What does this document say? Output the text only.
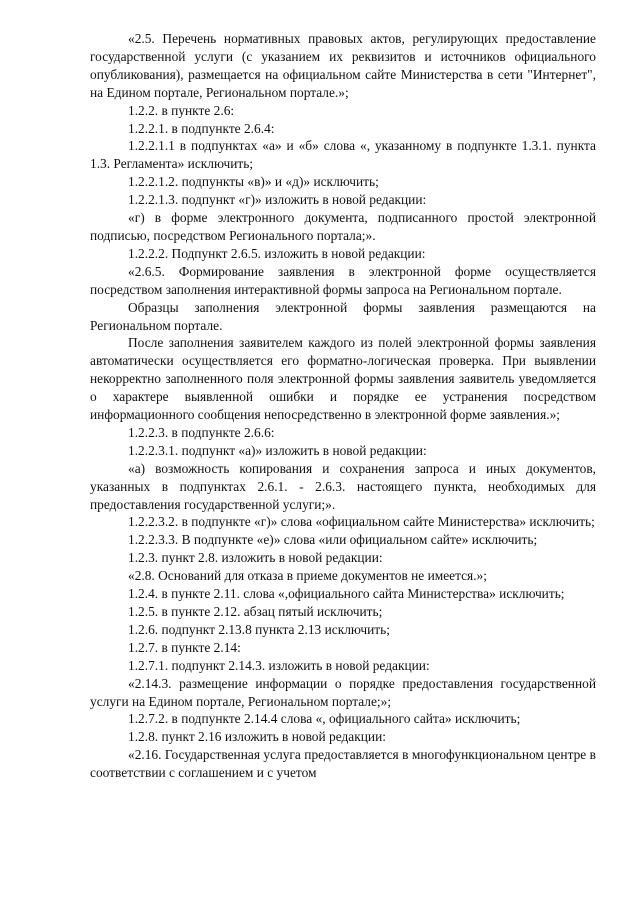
«2.5. Перечень нормативных правовых актов, регулирующих предоставление государственной услуги (с указанием их реквизитов и источников официального опубликования), размещается на официальном сайте Министерства в сети "Интернет", на Едином портале, Региональном портале.»;

1.2.2. в пункте 2.6:

1.2.2.1. в подпункте 2.6.4:

1.2.2.1.1 в подпунктах «а» и «б» слова «, указанному в подпункте 1.3.1. пункта 1.3. Регламента» исключить;

1.2.2.1.2. подпункты «в)» и «д)» исключить;

1.2.2.1.3. подпункт «г)» изложить в новой редакции:

«г) в форме электронного документа, подписанного простой электронной подписью, посредством Регионального портала;».

1.2.2.2. Подпункт 2.6.5. изложить в новой редакции:

«2.6.5. Формирование заявления в электронной форме осуществляется посредством заполнения интерактивной формы запроса на Региональном портале.

Образцы заполнения электронной формы заявления размещаются на Региональном портале.

После заполнения заявителем каждого из полей электронной формы заявления автоматически осуществляется его форматно-логическая проверка. При выявлении некорректно заполненного поля электронной формы заявления заявитель уведомляется о характере выявленной ошибки и порядке ее устранения посредством информационного сообщения непосредственно в электронной форме заявления.»;

1.2.2.3. в подпункте 2.6.6:

1.2.2.3.1. подпункт «а)» изложить в новой редакции:

«а) возможность копирования и сохранения запроса и иных документов, указанных в подпунктах 2.6.1. - 2.6.3. настоящего пункта, необходимых для предоставления государственной услуги;».

1.2.2.3.2. в подпункте «г)» слова «официальном сайте Министерства» исключить;

1.2.2.3.3. В подпункте «е)» слова «или официальном сайте» исключить;

1.2.3. пункт 2.8. изложить в новой редакции:

«2.8. Оснований для отказа в приеме документов не имеется.»;

1.2.4. в пункте 2.11. слова «,официального сайта Министерства» исключить;

1.2.5. в пункте 2.12. абзац пятый исключить;

1.2.6. подпункт 2.13.8 пункта 2.13 исключить;

1.2.7. в пункте 2.14:

1.2.7.1. подпункт 2.14.3. изложить в новой редакции:

«2.14.3. размещение информации о порядке предоставления государственной услуги на Едином портале, Региональном портале;»;

1.2.7.2. в подпункте 2.14.4 слова «, официального сайта» исключить;

1.2.8. пункт 2.16 изложить в новой редакции:

«2.16. Государственная услуга предоставляется в многофункциональном центре в соответствии с соглашением и с учетом
